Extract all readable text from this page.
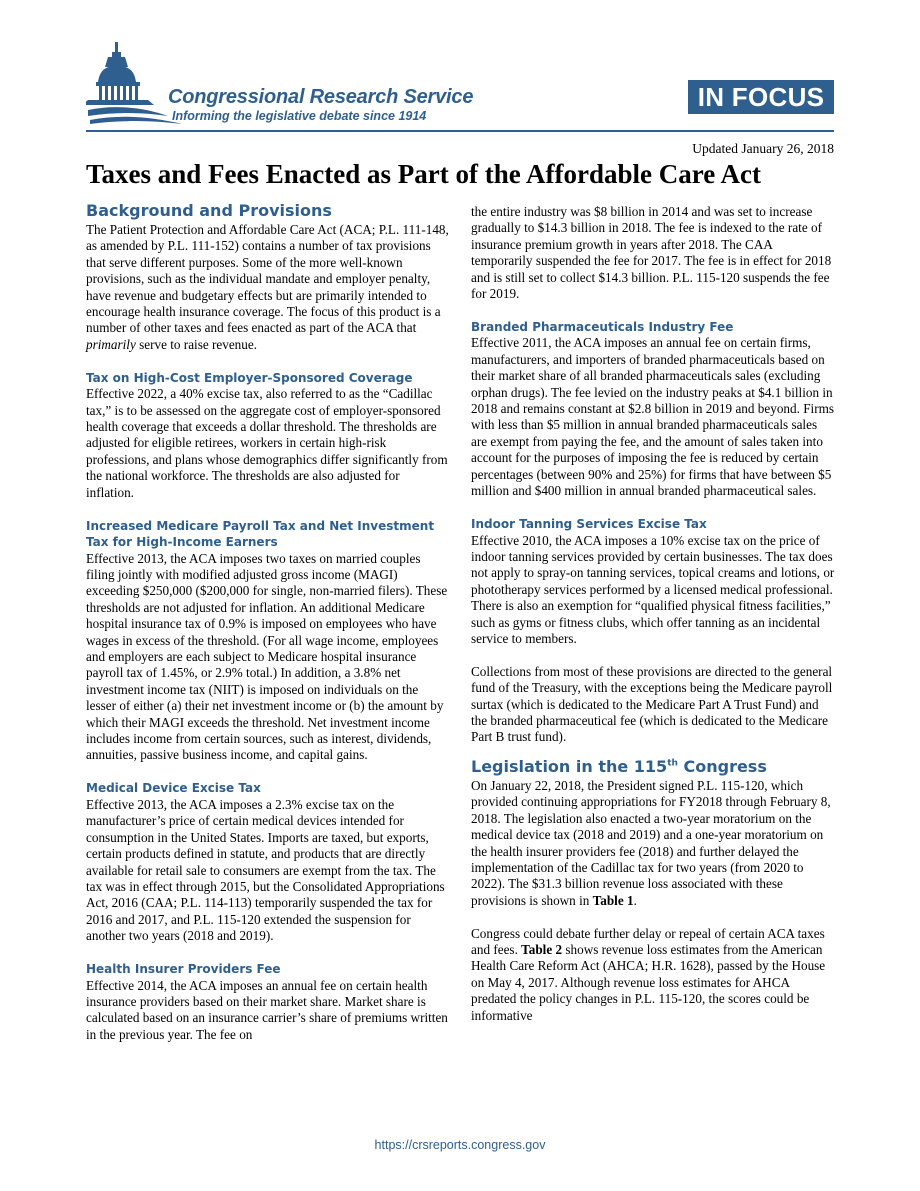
Congressional Research Service
Informing the legislative debate since 1914
IN FOCUS
Updated January 26, 2018
Taxes and Fees Enacted as Part of the Affordable Care Act
Background and Provisions

The Patient Protection and Affordable Care Act (ACA; P.L. 111-148, as amended by P.L. 111-152) contains a number of tax provisions that serve different purposes. Some of the more well-known provisions, such as the individual mandate and employer penalty, have revenue and budgetary effects but are primarily intended to encourage health insurance coverage. The focus of this product is a number of other taxes and fees enacted as part of the ACA that primarily serve to raise revenue.

Tax on High-Cost Employer-Sponsored Coverage

Effective 2022, a 40% excise tax, also referred to as the “Cadillac tax,” is to be assessed on the aggregate cost of employer-sponsored health coverage that exceeds a dollar threshold. The thresholds are adjusted for eligible retirees, workers in certain high-risk professions, and plans whose demographics differ significantly from the national workforce. The thresholds are also adjusted for inflation.

Increased Medicare Payroll Tax and Net Investment Tax for High-Income Earners

Effective 2013, the ACA imposes two taxes on married couples filing jointly with modified adjusted gross income (MAGI) exceeding $250,000 ($200,000 for single, non-married filers). These thresholds are not adjusted for inflation. An additional Medicare hospital insurance tax of 0.9% is imposed on employees who have wages in excess of the threshold. (For all wage income, employees and employers are each subject to Medicare hospital insurance payroll tax of 1.45%, or 2.9% total.) In addition, a 3.8% net investment income tax (NIIT) is imposed on individuals on the lesser of either (a) their net investment income or (b) the amount by which their MAGI exceeds the threshold. Net investment income includes income from certain sources, such as interest, dividends, annuities, passive business income, and capital gains.

Medical Device Excise Tax

Effective 2013, the ACA imposes a 2.3% excise tax on the manufacturer’s price of certain medical devices intended for consumption in the United States. Imports are taxed, but exports, certain products defined in statute, and products that are directly available for retail sale to consumers are exempt from the tax. The tax was in effect through 2015, but the Consolidated Appropriations Act, 2016 (CAA; P.L. 114-113) temporarily suspended the tax for 2016 and 2017, and P.L. 115-120 extended the suspension for another two years (2018 and 2019).

Health Insurer Providers Fee

Effective 2014, the ACA imposes an annual fee on certain health insurance providers based on their market share. Market share is calculated based on an insurance carrier’s share of premiums written in the previous year. The fee on

the entire industry was $8 billion in 2014 and was set to increase gradually to $14.3 billion in 2018. The fee is indexed to the rate of insurance premium growth in years after 2018. The CAA temporarily suspended the fee for 2017. The fee is in effect for 2018 and is still set to collect $14.3 billion. P.L. 115-120 suspends the fee for 2019.

Branded Pharmaceuticals Industry Fee

Effective 2011, the ACA imposes an annual fee on certain firms, manufacturers, and importers of branded pharmaceuticals based on their market share of all branded pharmaceuticals sales (excluding orphan drugs). The fee levied on the industry peaks at $4.1 billion in 2018 and remains constant at $2.8 billion in 2019 and beyond. Firms with less than $5 million in annual branded pharmaceuticals sales are exempt from paying the fee, and the amount of sales taken into account for the purposes of imposing the fee is reduced by certain percentages (between 90% and 25%) for firms that have between $5 million and $400 million in annual branded pharmaceutical sales.

Indoor Tanning Services Excise Tax

Effective 2010, the ACA imposes a 10% excise tax on the price of indoor tanning services provided by certain businesses. The tax does not apply to spray-on tanning services, topical creams and lotions, or phototherapy services performed by a licensed medical professional. There is also an exemption for “qualified physical fitness facilities,” such as gyms or fitness clubs, which offer tanning as an incidental service to members.

Collections from most of these provisions are directed to the general fund of the Treasury, with the exceptions being the Medicare payroll surtax (which is dedicated to the Medicare Part A Trust Fund) and the branded pharmaceutical fee (which is dedicated to the Medicare Part B trust fund).

Legislation in the 115th Congress

On January 22, 2018, the President signed P.L. 115-120, which provided continuing appropriations for FY2018 through February 8, 2018. The legislation also enacted a two-year moratorium on the medical device tax (2018 and 2019) and a one-year moratorium on the health insurer providers fee (2018) and further delayed the implementation of the Cadillac tax for two years (from 2020 to 2022). The $31.3 billion revenue loss associated with these provisions is shown in Table 1.

Congress could debate further delay or repeal of certain ACA taxes and fees. Table 2 shows revenue loss estimates from the American Health Care Reform Act (AHCA; H.R. 1628), passed by the House on May 4, 2017. Although revenue loss estimates for AHCA predated the policy changes in P.L. 115-120, the scores could be informative

https://crsreports.congress.gov
